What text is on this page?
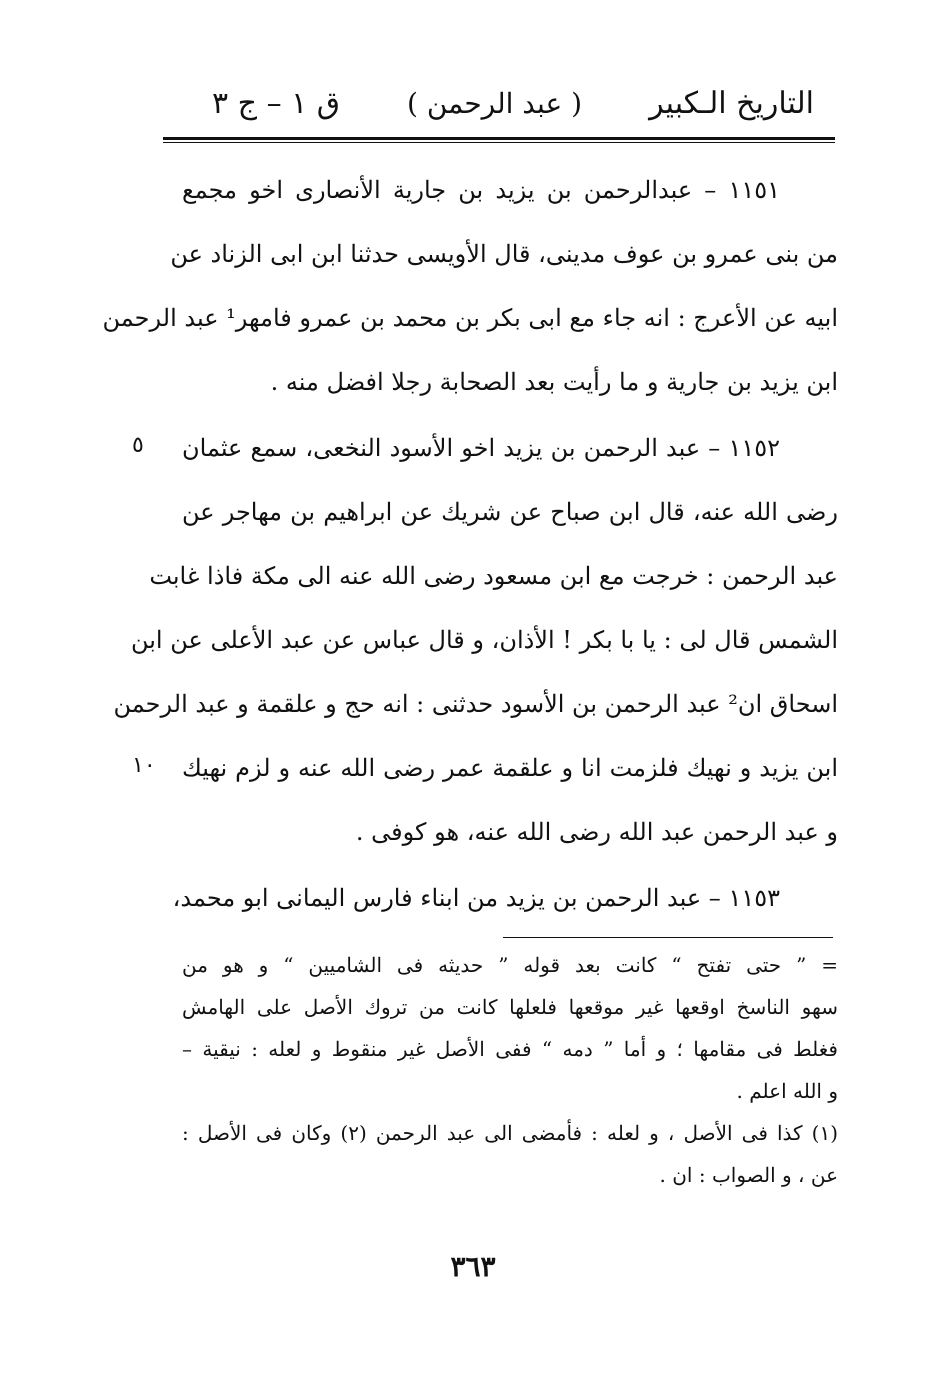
التاريخ الـكبير
( عبد الرحمن )
ق ١ – ج ٣
١١٥١ – عبدالرحمن بن يزيد بن جارية الأنصارى اخو مجمع
من بنى عمرو بن عوف مدينى، قال الأويسى حدثنا ابن ابى الزناد عن
ابيه عن الأعرج : انه جاء مع ابى بكر بن محمد بن عمرو فامهر¹ عبد الرحمن
ابن يزيد بن جارية و ما رأيت بعد الصحابة رجلا افضل منه .
١١٥٢ – عبد الرحمن بن يزيد اخو الأسود النخعى، سمع عثمان
رضى الله عنه، قال ابن صباح عن شريك عن ابراهيم بن مهاجر عن
عبد الرحمن : خرجت مع ابن مسعود رضى الله عنه الى مكة فاذا غابت
الشمس قال لى : يا با بكر ! الأذان، و قال عباس عن عبد الأعلى عن ابن
اسحاق ان² عبد الرحمن بن الأسود حدثنى : انه حج و علقمة و عبد الرحمن
ابن يزيد و نهيك فلزمت انا و علقمة عمر رضى الله عنه و لزم نهيك
و عبد الرحمن عبد الله رضى الله عنه، هو كوفى .
١١٥٣ – عبد الرحمن بن يزيد من ابناء فارس اليمانى ابو محمد،
٥
١٠
= ” حتى تفتح “ كانت بعد قوله ” حديثه فى الشاميين “ و هو من
سهو الناسخ اوقعها غير موقعها فلعلها كانت من تروك الأصل على الهامش
فغلط فى مقامها ؛ و أما ” دمه “ ففى الأصل غير منقوط و لعله : نيقية –
و الله اعلم .
(١) كذا فى الأصل ، و لعله : فأمضى الى عبد الرحمن (٢) وكان فى الأصل :
عن ، و الصواب : ان .
٣٦٣
